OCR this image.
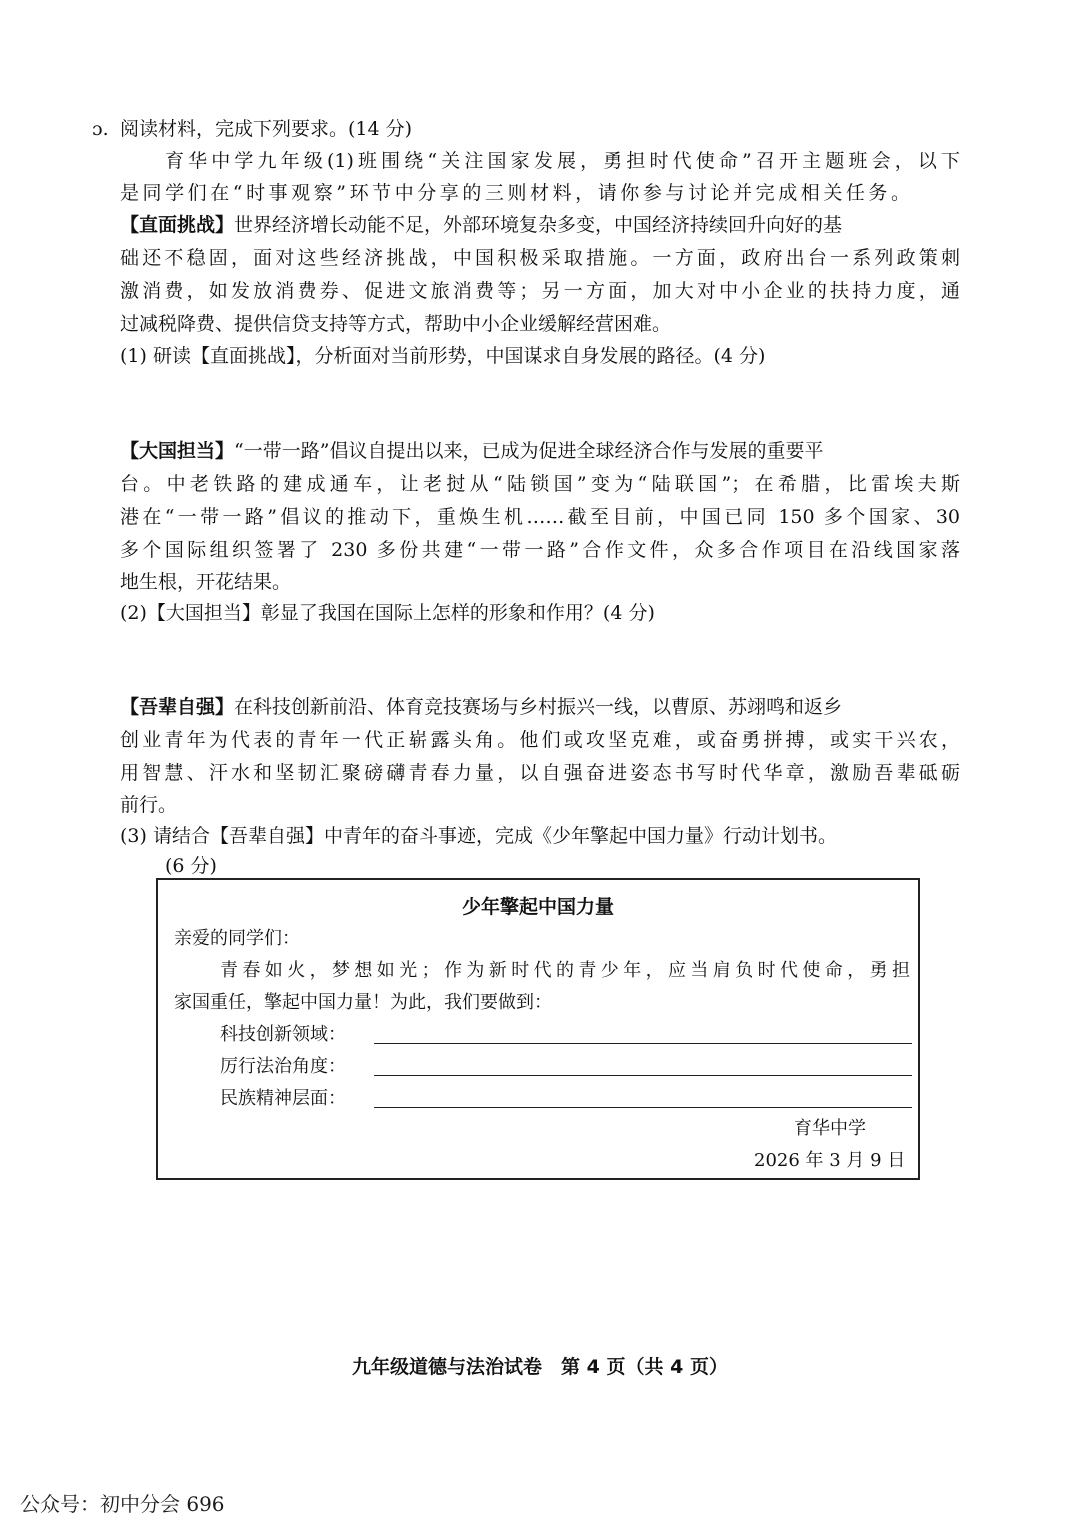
ɔ. 阅读材料，完成下列要求。(14 分)
育华中学九年级(1)班围绕“关注国家发展，勇担时代使命”召开主题班会，以下
是同学们在“时事观察”环节中分享的三则材料，请你参与讨论并完成相关任务。
【直面挑战】世界经济增长动能不足，外部环境复杂多变，中国经济持续回升向好的基
础还不稳固，面对这些经济挑战，中国积极采取措施。一方面，政府出台一系列政策刺
激消费，如发放消费券、促进文旅消费等；另一方面，加大对中小企业的扶持力度，通
过减税降费、提供信贷支持等方式，帮助中小企业缓解经营困难。
(1) 研读【直面挑战】，分析面对当前形势，中国谋求自身发展的路径。(4 分)
【大国担当】“一带一路”倡议自提出以来，已成为促进全球经济合作与发展的重要平
台。中老铁路的建成通车，让老挝从“陆锁国”变为“陆联国”；在希腊，比雷埃夫斯
港在“一带一路”倡议的推动下，重焕生机……截至目前，中国已同 150 多个国家、30
多个国际组织签署了 230 多份共建“一带一路”合作文件，众多合作项目在沿线国家落
地生根，开花结果。
(2)【大国担当】彰显了我国在国际上怎样的形象和作用？(4 分)
【吾辈自强】在科技创新前沿、体育竞技赛场与乡村振兴一线，以曹原、苏翊鸣和返乡
创业青年为代表的青年一代正崭露头角。他们或攻坚克难，或奋勇拼搏，或实干兴农，
用智慧、汗水和坚韧汇聚磅礴青春力量，以自强奋进姿态书写时代华章，激励吾辈砥砺
前行。
(3) 请结合【吾辈自强】中青年的奋斗事迹，完成《少年擎起中国力量》行动计划书。
(6 分)
少年擎起中国力量
亲爱的同学们：
青春如火，梦想如光；作为新时代的青少年，应当肩负时代使命，勇担
家国重任，擎起中国力量！为此，我们要做到：
科技创新领域：
厉行法治角度：
民族精神层面：
育华中学
2026 年 3 月 9 日
九年级道德与法治试卷　第 4 页（共 4 页）
公众号：初中分会 696
